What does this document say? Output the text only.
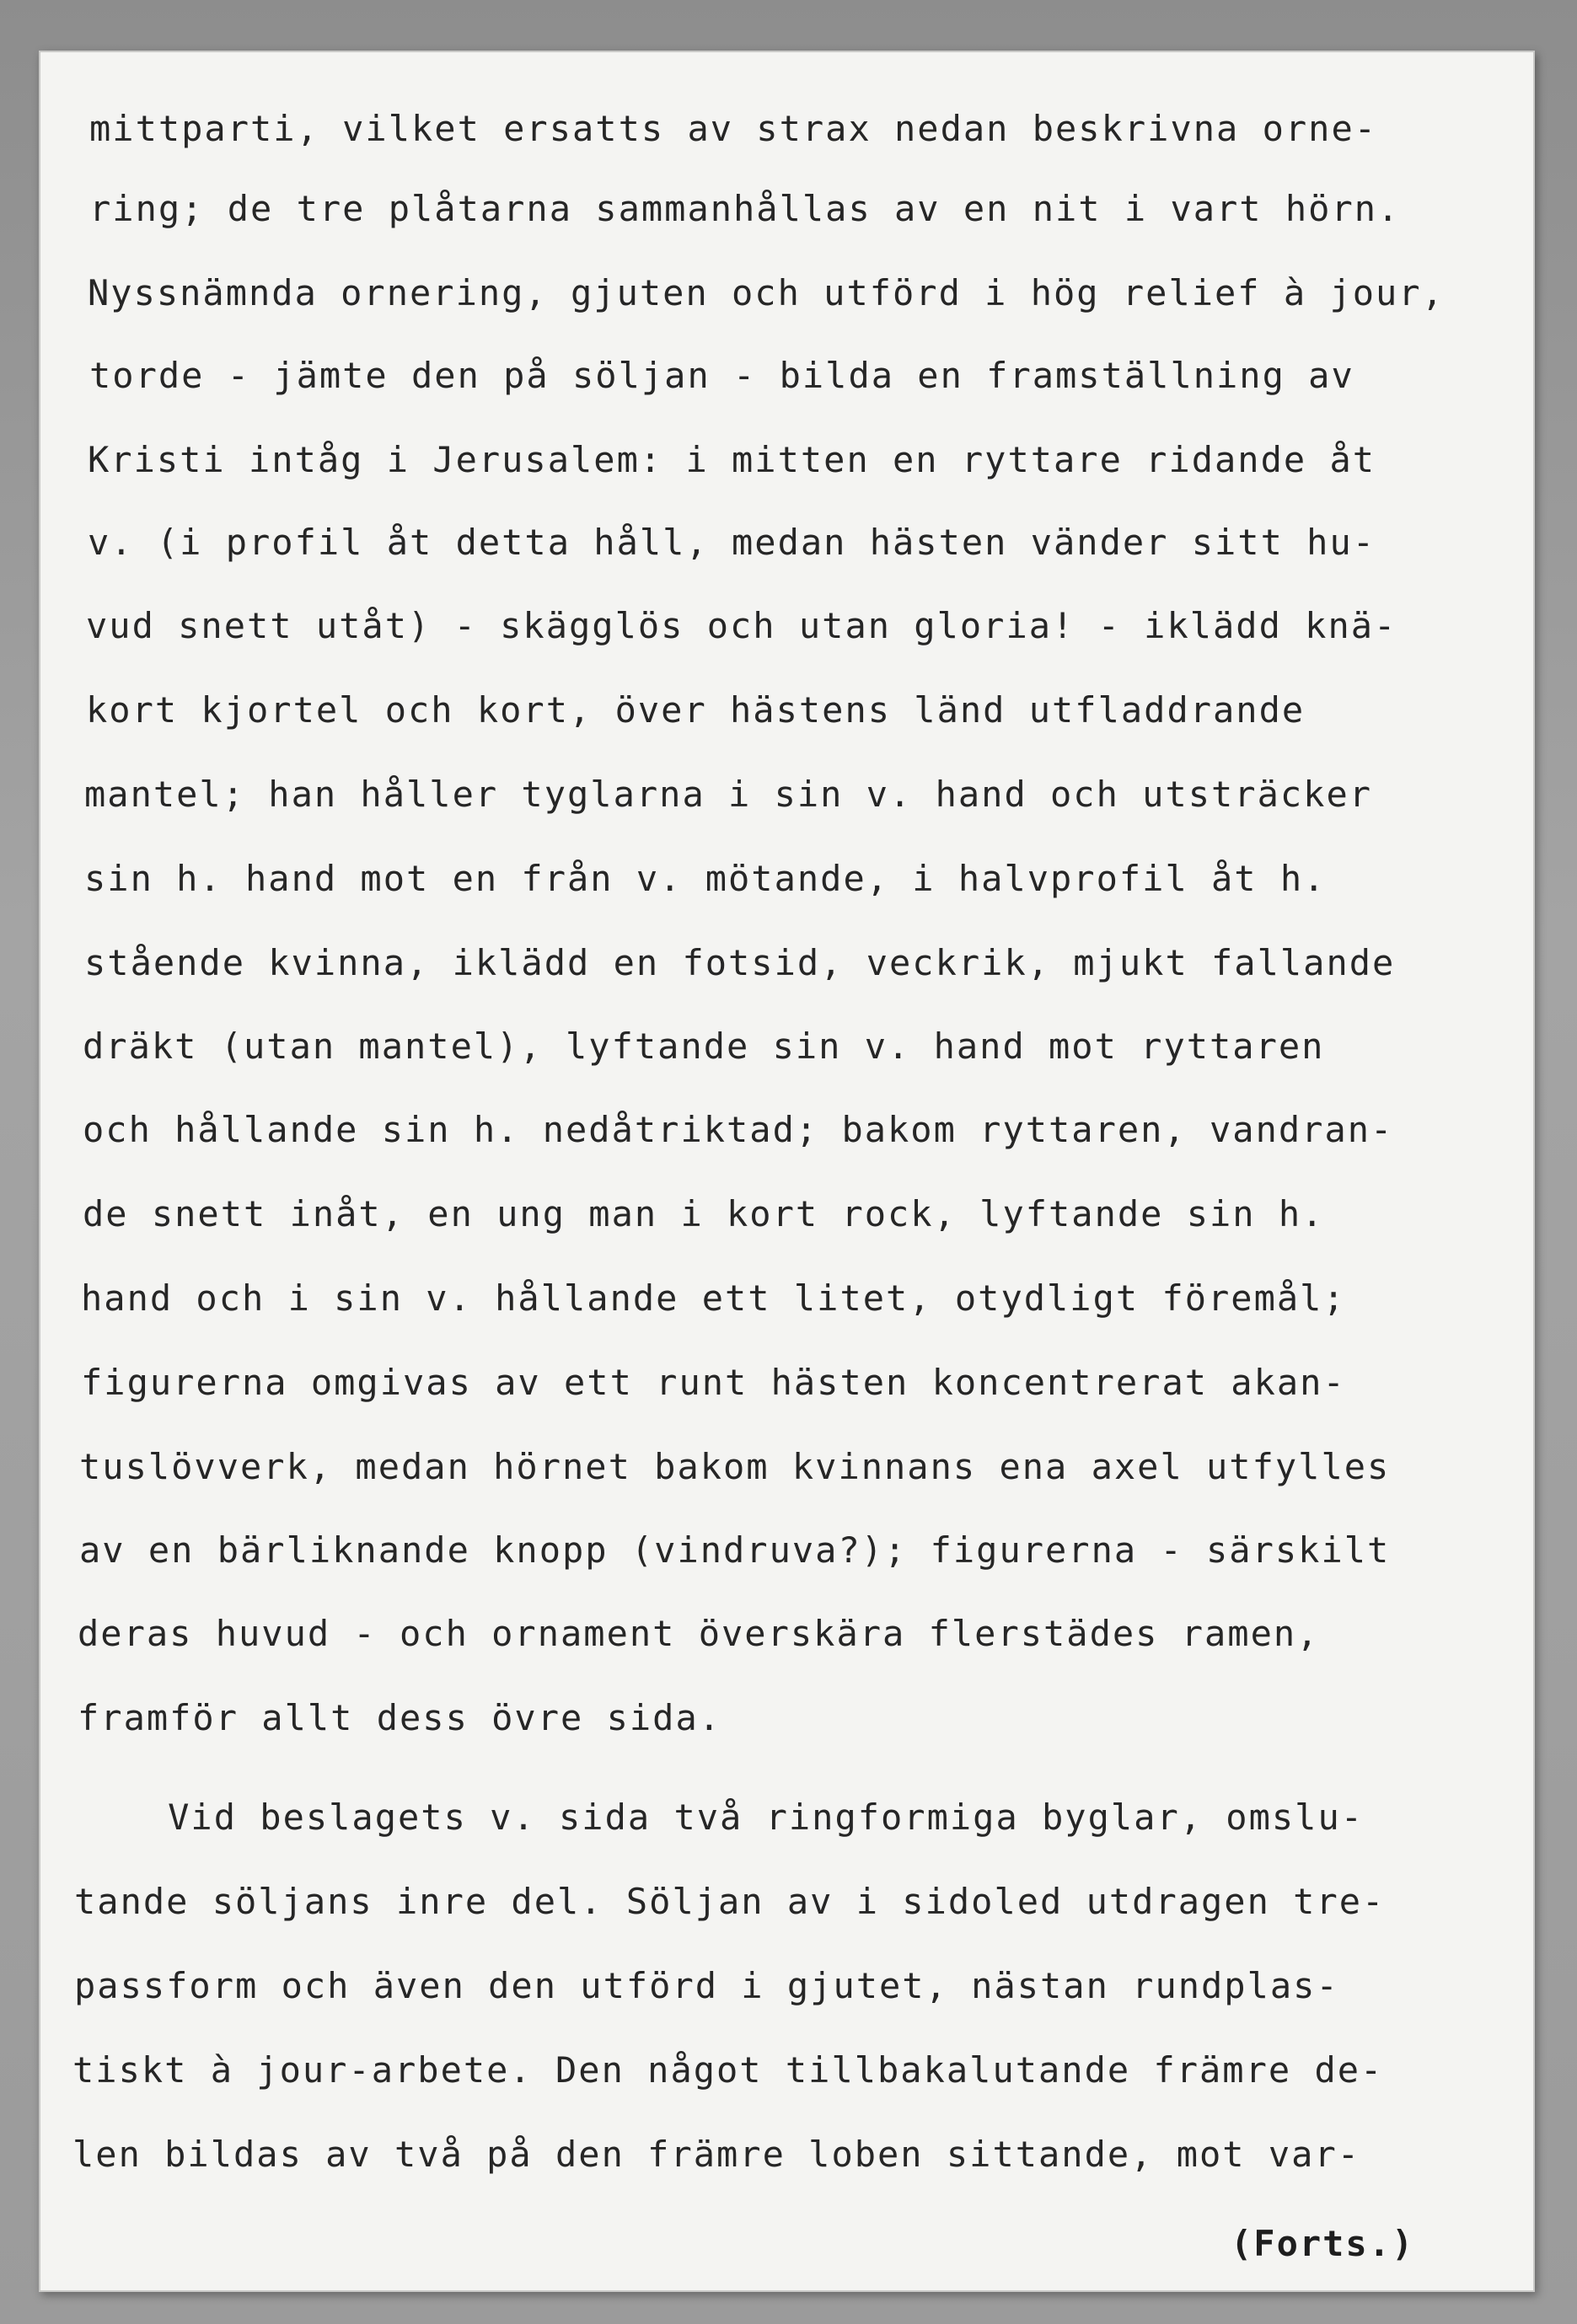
mittparti, vilket ersatts av strax nedan beskrivna orne-
ring; de tre plåtarna sammanhållas av en nit i vart hörn.
Nyssnämnda ornering, gjuten och utförd i hög relief à jour,
torde - jämte den på söljan - bilda en framställning av
Kristi intåg i Jerusalem: i mitten en ryttare ridande åt
v. (i profil åt detta håll, medan hästen vänder sitt hu-
vud snett utåt) - skägglös och utan gloria! - iklädd knä-
kort kjortel och kort, över hästens länd utfladdrande
mantel; han håller tyglarna i sin v. hand och utsträcker
sin h. hand mot en från v. mötande, i halvprofil åt h.
stående kvinna, iklädd en fotsid, veckrik, mjukt fallande
dräkt (utan mantel), lyftande sin v. hand mot ryttaren
och hållande sin h. nedåtriktad; bakom ryttaren, vandran-
de snett inåt, en ung man i kort rock, lyftande sin h.
hand och i sin v. hållande ett litet, otydligt föremål;
figurerna omgivas av ett runt hästen koncentrerat akan-
tuslövverk, medan hörnet bakom kvinnans ena axel utfylles
av en bärliknande knopp (vindruva?); figurerna - särskilt
deras huvud - och ornament överskära flerstädes ramen,
framför allt dess övre sida.
Vid beslagets v. sida två ringformiga byglar, omslu-
tande söljans inre del. Söljan av i sidoled utdragen tre-
passform och även den utförd i gjutet, nästan rundplas-
tiskt à jour-arbete. Den något tillbakalutande främre de-
len bildas av två på den främre loben sittande, mot var-
(Forts.)
